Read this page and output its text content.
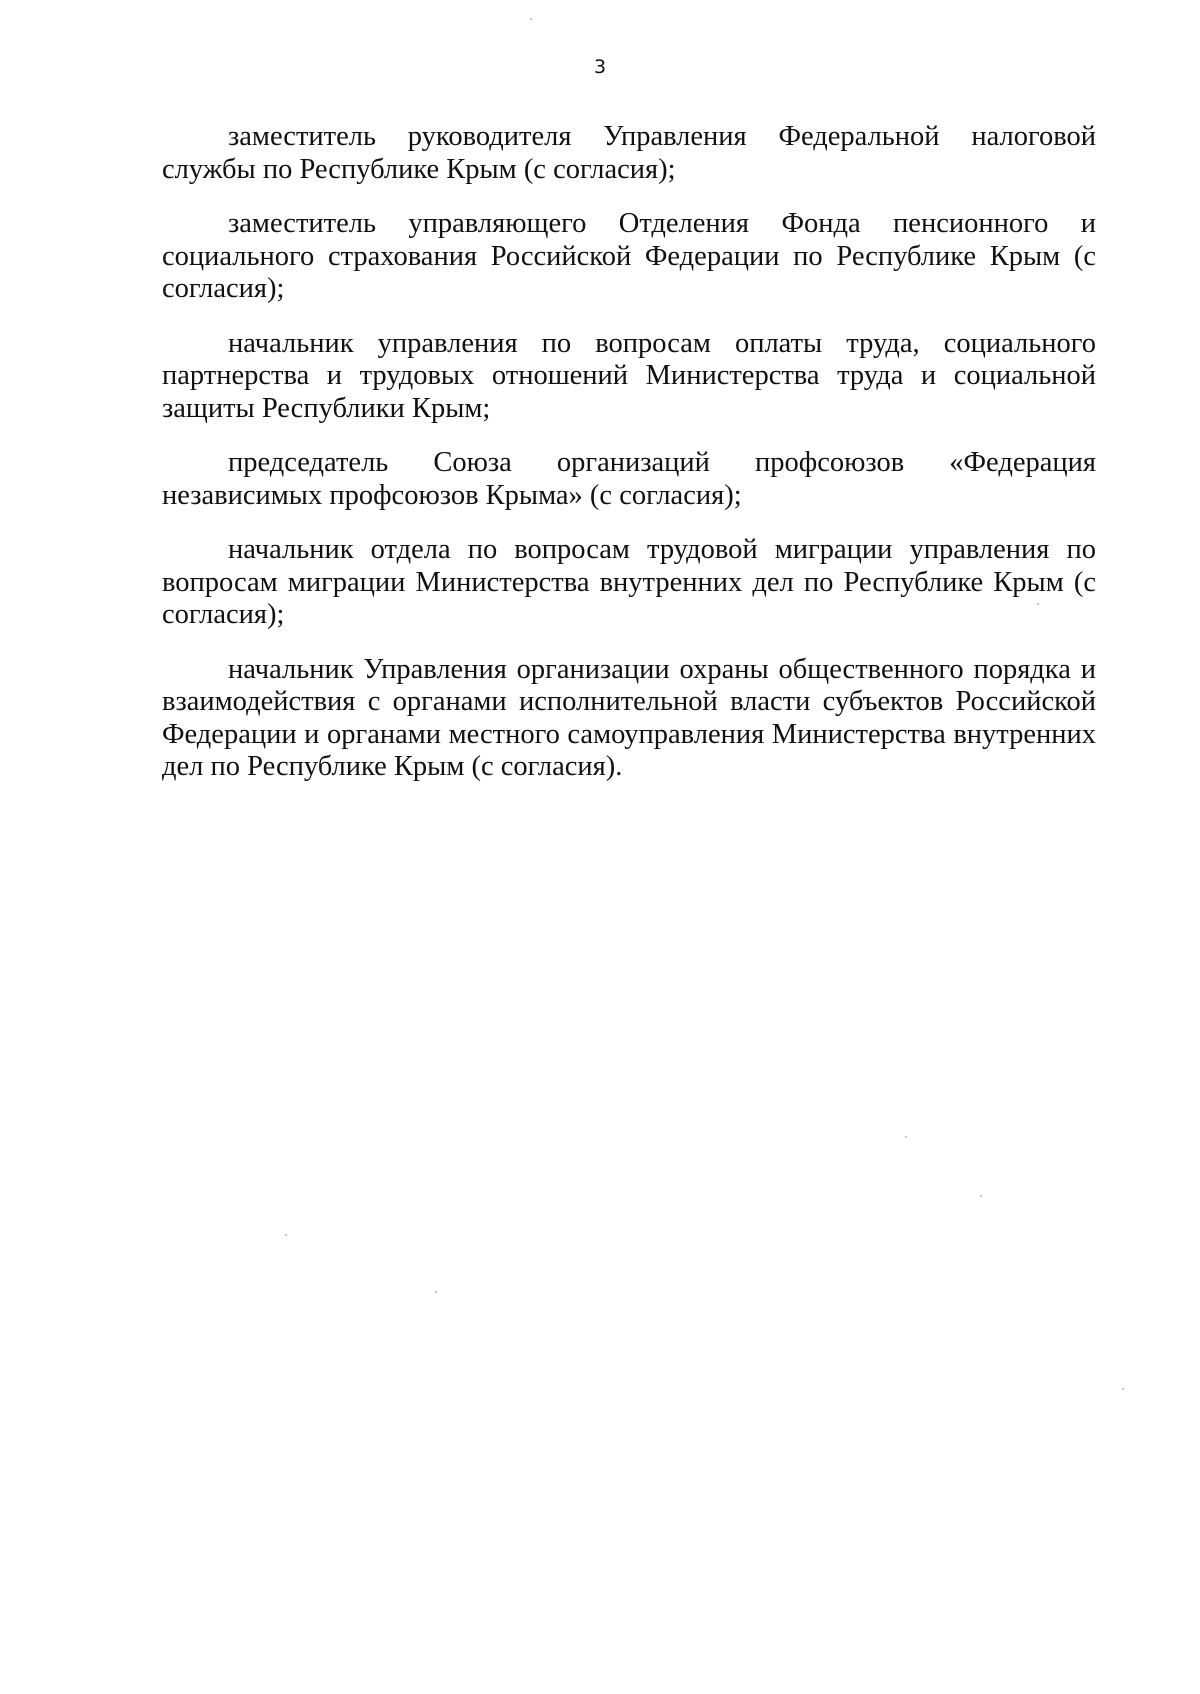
3

заместитель руководителя Управления Федеральной налоговой службы по Республике Крым (с согласия);

заместитель управляющего Отделения Фонда пенсионного и социального страхования Российской Федерации по Республике Крым (с согласия);

начальник управления по вопросам оплаты труда, социального партнерства и трудовых отношений Министерства труда и социальной защиты Республики Крым;

председатель Союза организаций профсоюзов «Федерация независимых профсоюзов Крыма» (с согласия);

начальник отдела по вопросам трудовой миграции управления по вопросам миграции Министерства внутренних дел по Республике Крым (с согласия);

начальник Управления организации охраны общественного порядка и взаимодействия с органами исполнительной власти субъектов Российской Федерации и органами местного самоуправления Министерства внутренних дел по Республике Крым (с согласия).
